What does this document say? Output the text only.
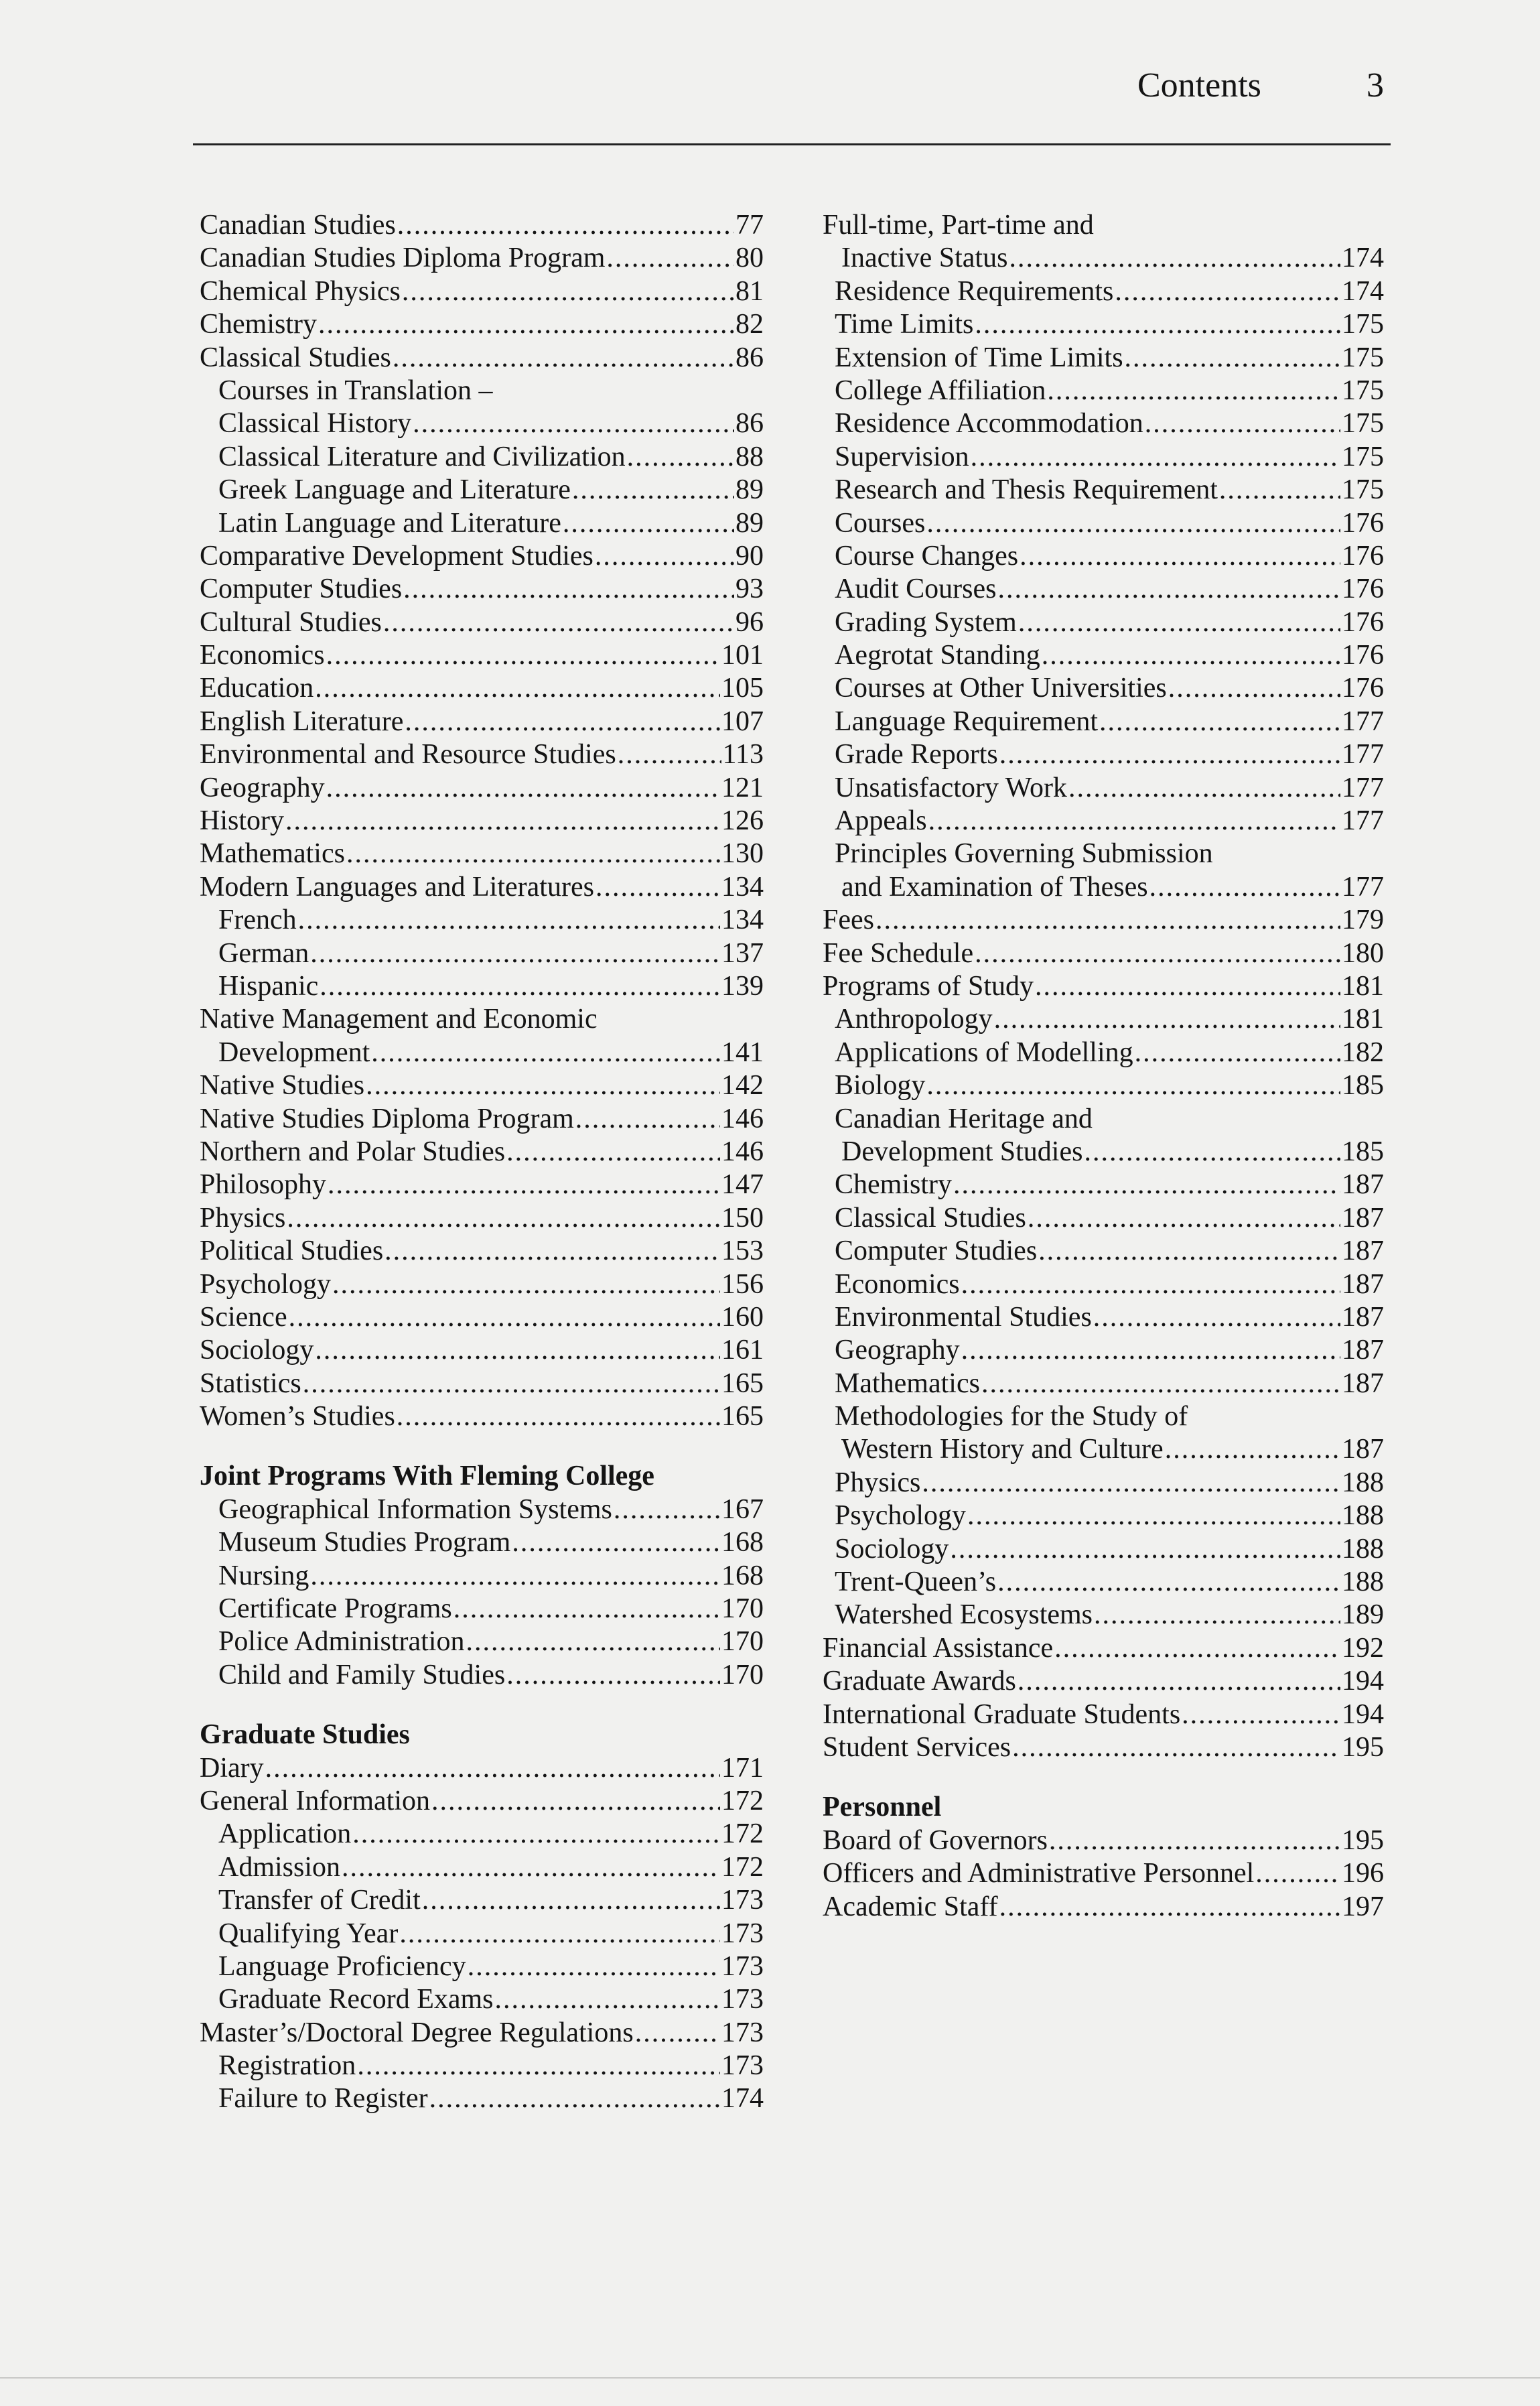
Contents	3
Canadian Studies .....	77
Canadian Studies Diploma Program .....	80
Chemical Physics .....	81
Chemistry .....	82
Classical Studies .....	86
Courses in Translation –
Classical History .....	86
Classical Literature and Civilization .....	88
Greek Language and Literature .....	89
Latin Language and Literature .....	89
Comparative Development Studies .....	90
Computer Studies .....	93
Cultural Studies .....	96
Economics .....	101
Education .....	105
English Literature .....	107
Environmental and Resource Studies .....	113
Geography .....	121
History .....	126
Mathematics .....	130
Modern Languages and Literatures .....	134
French .....	134
German .....	137
Hispanic .....	139
Native Management and Economic
Development .....	141
Native Studies .....	142
Native Studies Diploma Program .....	146
Northern and Polar Studies .....	146
Philosophy .....	147
Physics .....	150
Political Studies .....	153
Psychology .....	156
Science .....	160
Sociology .....	161
Statistics .....	165
Women’s Studies .....	165
Joint Programs With Fleming College
Geographical Information Systems .....	167
Museum Studies Program .....	168
Nursing .....	168
Certificate Programs .....	170
Police Administration .....	170
Child and Family Studies .....	170
Graduate Studies
Diary .....	171
General Information .....	172
Application .....	172
Admission .....	172
Transfer of Credit .....	173
Qualifying Year .....	173
Language Proficiency .....	173
Graduate Record Exams .....	173
Master’s/Doctoral Degree Regulations .....	173
Registration .....	173
Failure to Register .....	174
Full-time, Part-time and
Inactive Status .....	174
Residence Requirements .....	174
Time Limits .....	175
Extension of Time Limits .....	175
College Affiliation .....	175
Residence Accommodation .....	175
Supervision .....	175
Research and Thesis Requirement .....	175
Courses .....	176
Course Changes .....	176
Audit Courses .....	176
Grading System .....	176
Aegrotat Standing .....	176
Courses at Other Universities .....	176
Language Requirement .....	177
Grade Reports .....	177
Unsatisfactory Work .....	177
Appeals .....	177
Principles Governing Submission
and Examination of Theses .....	177
Fees .....	179
Fee Schedule .....	180
Programs of Study .....	181
Anthropology .....	181
Applications of Modelling .....	182
Biology .....	185
Canadian Heritage and
Development Studies .....	185
Chemistry .....	187
Classical Studies .....	187
Computer Studies .....	187
Economics .....	187
Environmental Studies .....	187
Geography .....	187
Mathematics .....	187
Methodologies for the Study of
Western History and Culture .....	187
Physics .....	188
Psychology .....	188
Sociology .....	188
Trent-Queen’s .....	188
Watershed Ecosystems .....	189
Financial Assistance .....	192
Graduate Awards .....	194
International Graduate Students .....	194
Student Services .....	195
Personnel
Board of Governors .....	195
Officers and Administrative Personnel .....	196
Academic Staff .....	197
